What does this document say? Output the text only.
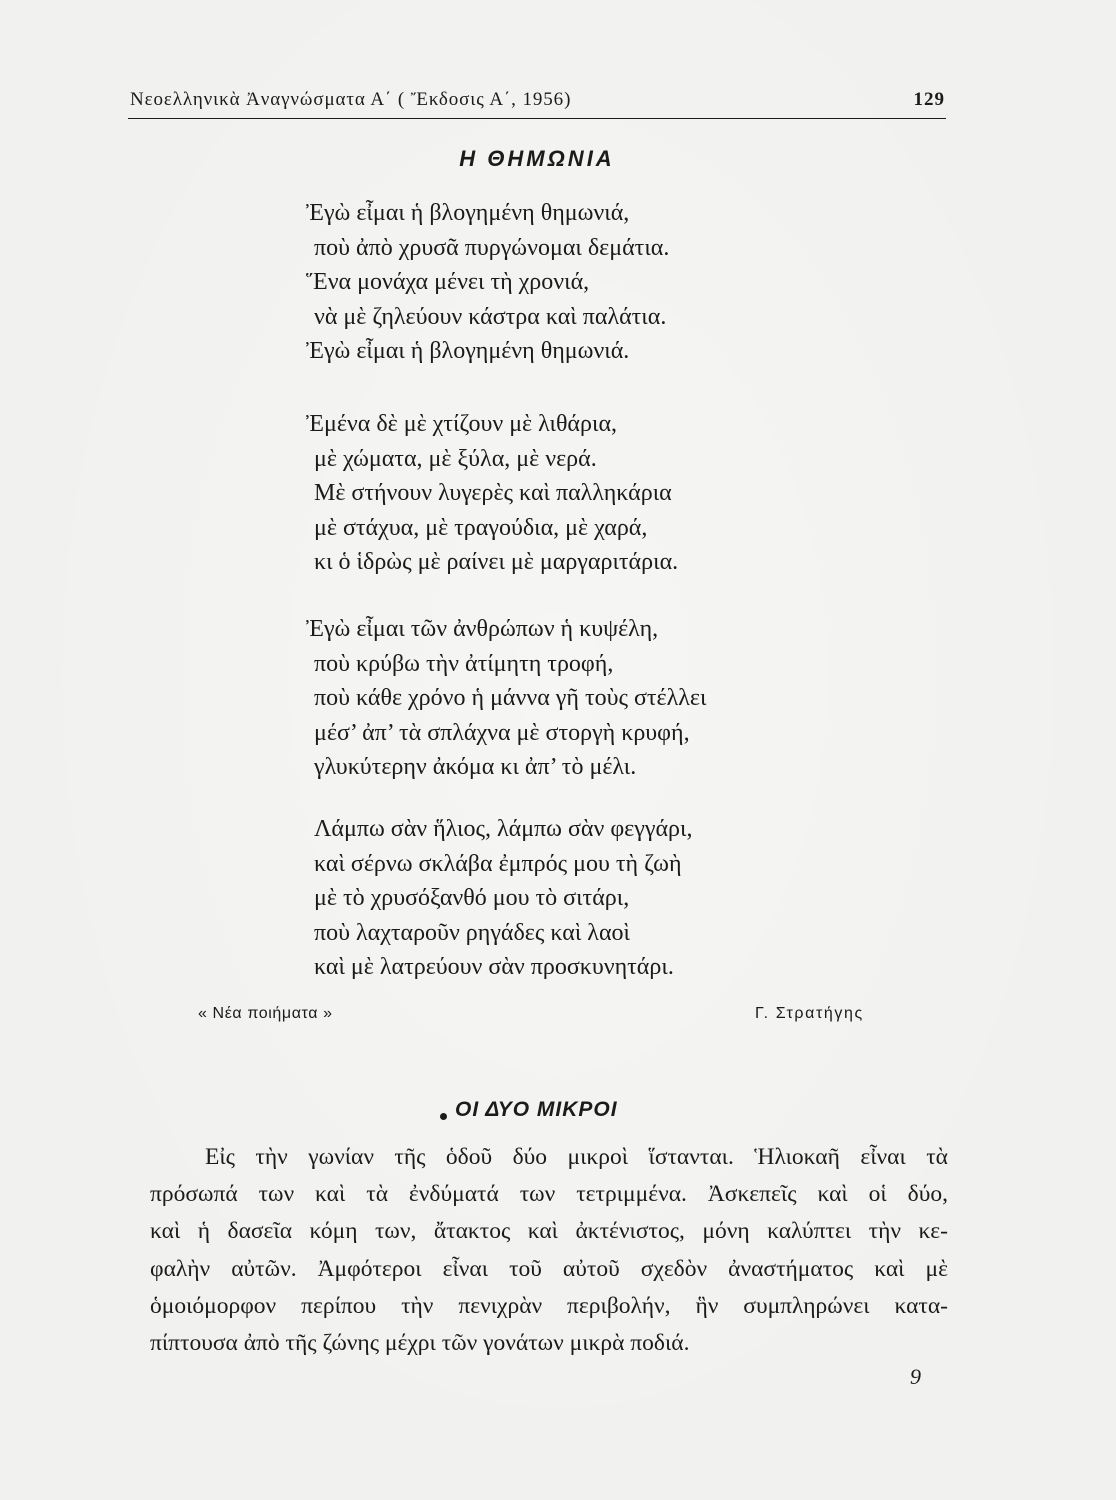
Νεοελληνικὰ Ἀναγνώσματα Α΄ ( Ἔκδοσις Α΄, 1956)	129
Η ΘΗΜΩΝΙΑ
Ἐγὼ εἶμαι ἡ βλογημένη θημωνιά,
ποὺ ἀπὸ χρυσᾶ πυργώνομαι δεμάτια.
Ἕνα μονάχα μένει τὴ χρονιά,
νὰ μὲ ζηλεύουν κάστρα καὶ παλάτια.
Ἐγὼ εἶμαι ἡ βλογημένη θημωνιά.
Ἐμένα δὲ μὲ χτίζουν μὲ λιθάρια,
μὲ χώματα, μὲ ξύλα, μὲ νερά.
Μὲ στήνουν λυγερὲς καὶ παλληκάρια
μὲ στάχυα, μὲ τραγούδια, μὲ χαρά,
κι ὁ ἱδρὼς μὲ ραίνει μὲ μαργαριτάρια.
Ἐγὼ εἶμαι τῶν ἀνθρώπων ἡ κυψέλη,
ποὺ κρύβω τὴν ἀτίμητη τροφή,
ποὺ κάθε χρόνο ἡ μάννα γῆ τοὺς στέλλει
μέσ’ ἀπ’ τὰ σπλάχνα μὲ στοργὴ κρυφή,
γλυκύτερην ἀκόμα κι ἀπ’ τὸ μέλι.
Λάμπω σὰν ἥλιος, λάμπω σὰν φεγγάρι,
καὶ σέρνω σκλάβα ἐμπρός μου τὴ ζωὴ
μὲ τὸ χρυσόξανθό μου τὸ σιτάρι,
ποὺ λαχταροῦν ρηγάδες καὶ λαοὶ
καὶ μὲ λατρεύουν σὰν προσκυνητάρι.
« Νέα ποιήματα »	Γ. Στρατήγης
ΟΙ ΔΥΟ ΜΙΚΡΟΙ
Εἰς τὴν γωνίαν τῆς ὁδοῦ δύο μικροὶ ἵστανται. Ἡλιοκαῆ εἶναι τὰ
πρόσωπά των καὶ τὰ ἐνδύματά των τετριμμένα. Ἀσκεπεῖς καὶ οἱ δύο,
καὶ ἡ δασεῖα κόμη των, ἄτακτος καὶ ἀκτένιστος, μόνη καλύπτει τὴν κε-
φαλὴν αὐτῶν. Ἀμφότεροι εἶναι τοῦ αὐτοῦ σχεδὸν ἀναστήματος καὶ μὲ
ὁμοιόμορφον περίπου τὴν πενιχρὰν περιβολήν, ἣν συμπληρώνει κατα-
πίπτουσα ἀπὸ τῆς ζώνης μέχρι τῶν γονάτων μικρὰ ποδιά.
9
